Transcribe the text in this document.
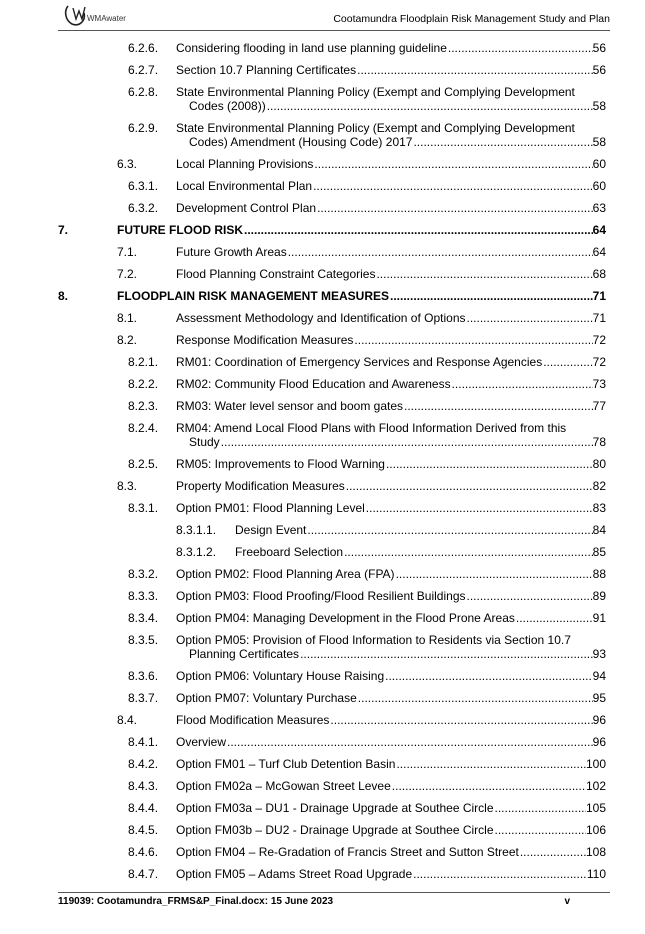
WMAwater	Cootamundra Floodplain Risk Management Study and Plan
6.2.6. Considering flooding in land use planning guideline .....	56
6.2.7. Section 10.7 Planning Certificates .....	56
6.2.8. State Environmental Planning Policy (Exempt and Complying Development
Codes (2008)) .....	58
6.2.9. State Environmental Planning Policy (Exempt and Complying Development
Codes) Amendment (Housing Code) 2017 .....	58
6.3.	Local Planning Provisions .....	60
6.3.1. Local Environmental Plan .....	60
6.3.2. Development Control Plan .....	63
7.	FUTURE FLOOD RISK .....	64
7.1.	Future Growth Areas .....	64
7.2.	Flood Planning Constraint Categories .....	68
8.	FLOODPLAIN RISK MANAGEMENT MEASURES .....	71
8.1.	Assessment Methodology and Identification of Options .....	71
8.2.	Response Modification Measures .....	72
8.2.1. RM01: Coordination of Emergency Services and Response Agencies .....	72
8.2.2. RM02: Community Flood Education and Awareness .....	73
8.2.3. RM03: Water level sensor and boom gates .....	77
8.2.4. RM04: Amend Local Flood Plans with Flood Information Derived from this
Study .....	78
8.2.5. RM05: Improvements to Flood Warning .....	80
8.3.	Property Modification Measures .....	82
8.3.1. Option PM01: Flood Planning Level .....	83
8.3.1.1. Design Event .....	84
8.3.1.2. Freeboard Selection .....	85
8.3.2. Option PM02: Flood Planning Area (FPA) .....	88
8.3.3. Option PM03: Flood Proofing/Flood Resilient Buildings .....	89
8.3.4. Option PM04: Managing Development in the Flood Prone Areas .....	91
8.3.5. Option PM05: Provision of Flood Information to Residents via Section 10.7
Planning Certificates .....	93
8.3.6. Option PM06: Voluntary House Raising .....	94
8.3.7. Option PM07: Voluntary Purchase .....	95
8.4.	Flood Modification Measures .....	96
8.4.1. Overview .....	96
8.4.2. Option FM01 – Turf Club Detention Basin .....	100
8.4.3. Option FM02a – McGowan Street Levee .....	102
8.4.4. Option FM03a – DU1 - Drainage Upgrade at Southee Circle .....	105
8.4.5. Option FM03b – DU2 - Drainage Upgrade at Southee Circle .....	106
8.4.6. Option FM04 – Re-Gradation of Francis Street and Sutton Street .....	108
8.4.7. Option FM05 – Adams Street Road Upgrade .....	110
119039: Cootamundra_FRMS&P_Final.docx: 15 June 2023	v
